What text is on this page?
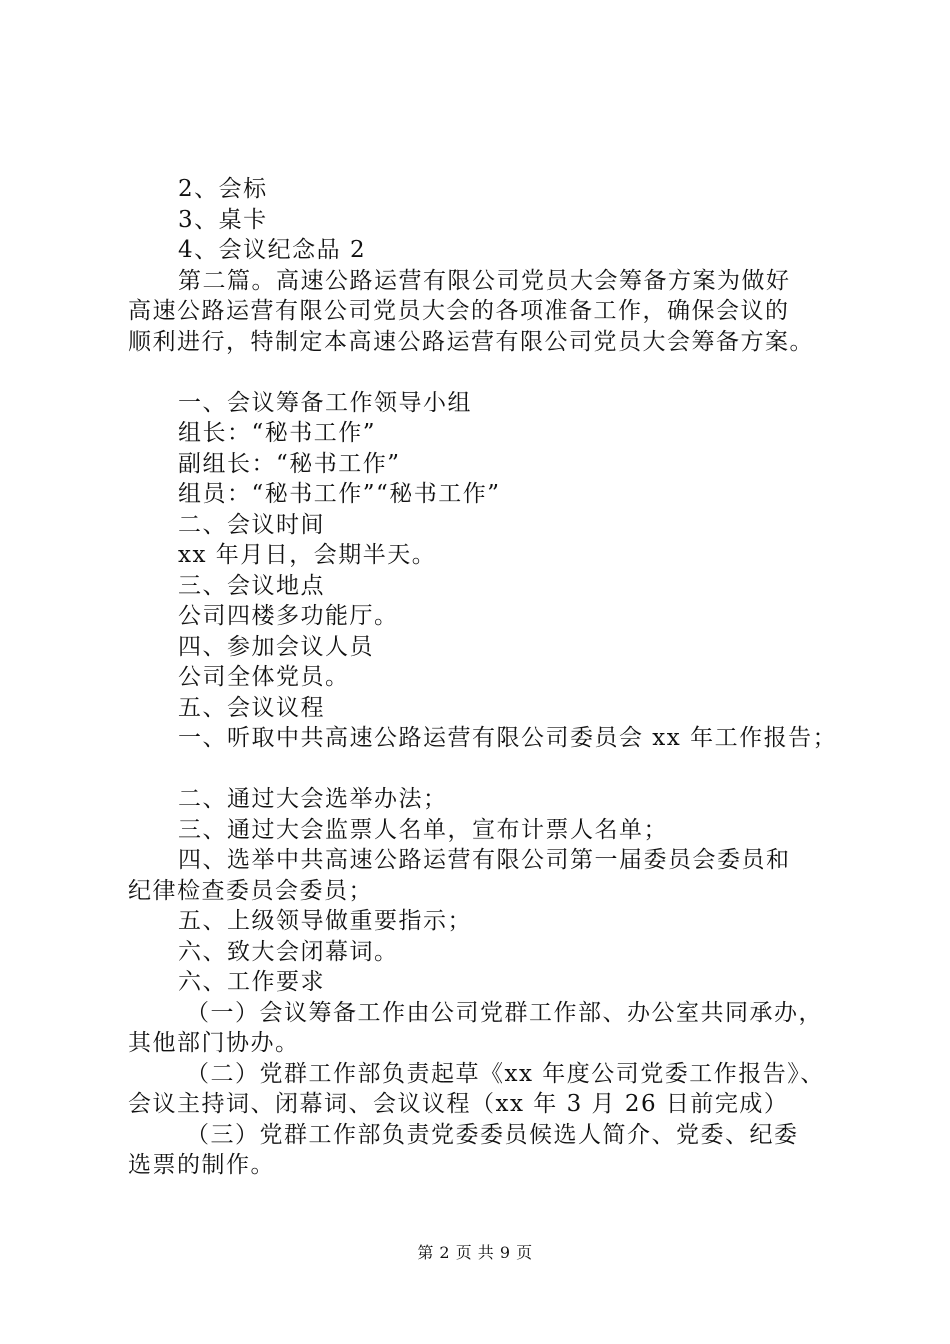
2、会标
3、桌卡
4、会议纪念品 2
第二篇。高速公路运营有限公司党员大会筹备方案为做好
高速公路运营有限公司党员大会的各项准备工作，确保会议的
顺利进行，特制定本高速公路运营有限公司党员大会筹备方案。
一、会议筹备工作领导小组
组长：“秘书工作”
副组长：“秘书工作”
组员：“秘书工作”“秘书工作”
二、会议时间
xx 年月日，会期半天。
三、会议地点
公司四楼多功能厅。
四、参加会议人员
公司全体党员。
五、会议议程
一、听取中共高速公路运营有限公司委员会 xx 年工作报告；
二、通过大会选举办法；
三、通过大会监票人名单，宣布计票人名单；
四、选举中共高速公路运营有限公司第一届委员会委员和
纪律检查委员会委员；
五、上级领导做重要指示；
六、致大会闭幕词。
六、工作要求
（一）会议筹备工作由公司党群工作部、办公室共同承办，
其他部门协办。
（二）党群工作部负责起草《xx 年度公司党委工作报告》、
会议主持词、闭幕词、会议议程（xx 年 3 月 26 日前完成）
（三）党群工作部负责党委委员候选人简介、党委、纪委
选票的制作。
第 2 页 共 9 页
